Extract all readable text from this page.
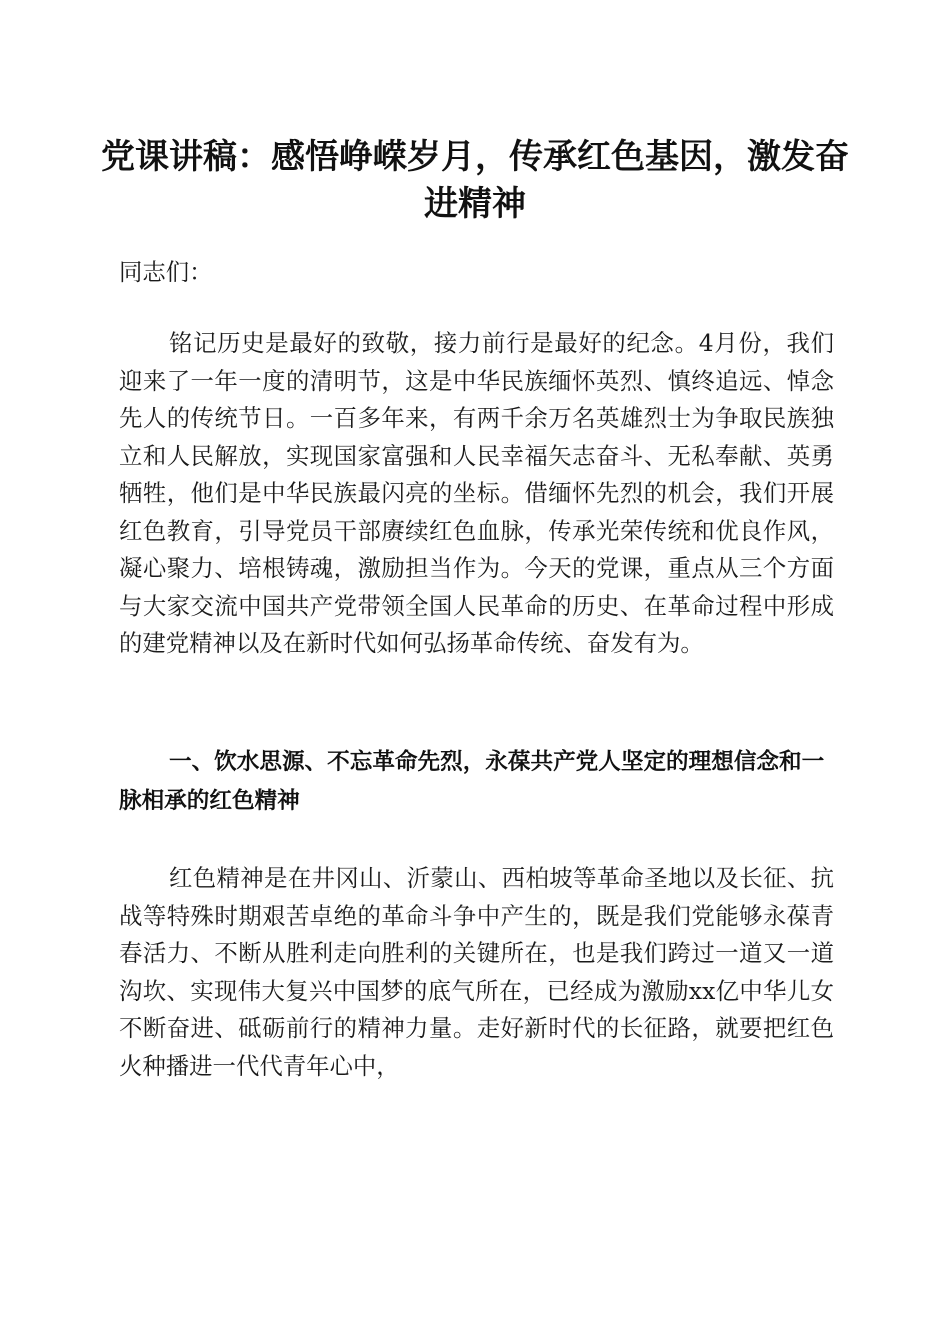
党课讲稿：感悟峥嵘岁月，传承红色基因，激发奋进精神

同志们：

铭记历史是最好的致敬，接力前行是最好的纪念。4月份，我们迎来了一年一度的清明节，这是中华民族缅怀英烈、慎终追远、悼念先人的传统节日。一百多年来，有两千余万名英雄烈士为争取民族独立和人民解放，实现国家富强和人民幸福矢志奋斗、无私奉献、英勇牺牲，他们是中华民族最闪亮的坐标。借缅怀先烈的机会，我们开展红色教育，引导党员干部赓续红色血脉，传承光荣传统和优良作风，凝心聚力、培根铸魂，激励担当作为。今天的党课，重点从三个方面与大家交流中国共产党带领全国人民革命的历史、在革命过程中形成的建党精神以及在新时代如何弘扬革命传统、奋发有为。

一、饮水思源、不忘革命先烈，永葆共产党人坚定的理想信念和一脉相承的红色精神

红色精神是在井冈山、沂蒙山、西柏坡等革命圣地以及长征、抗战等特殊时期艰苦卓绝的革命斗争中产生的，既是我们党能够永葆青春活力、不断从胜利走向胜利的关键所在，也是我们跨过一道又一道沟坎、实现伟大复兴中国梦的底气所在，已经成为激励xx亿中华儿女不断奋进、砥砺前行的精神力量。走好新时代的长征路，就要把红色火种播进一代代青年心中，
